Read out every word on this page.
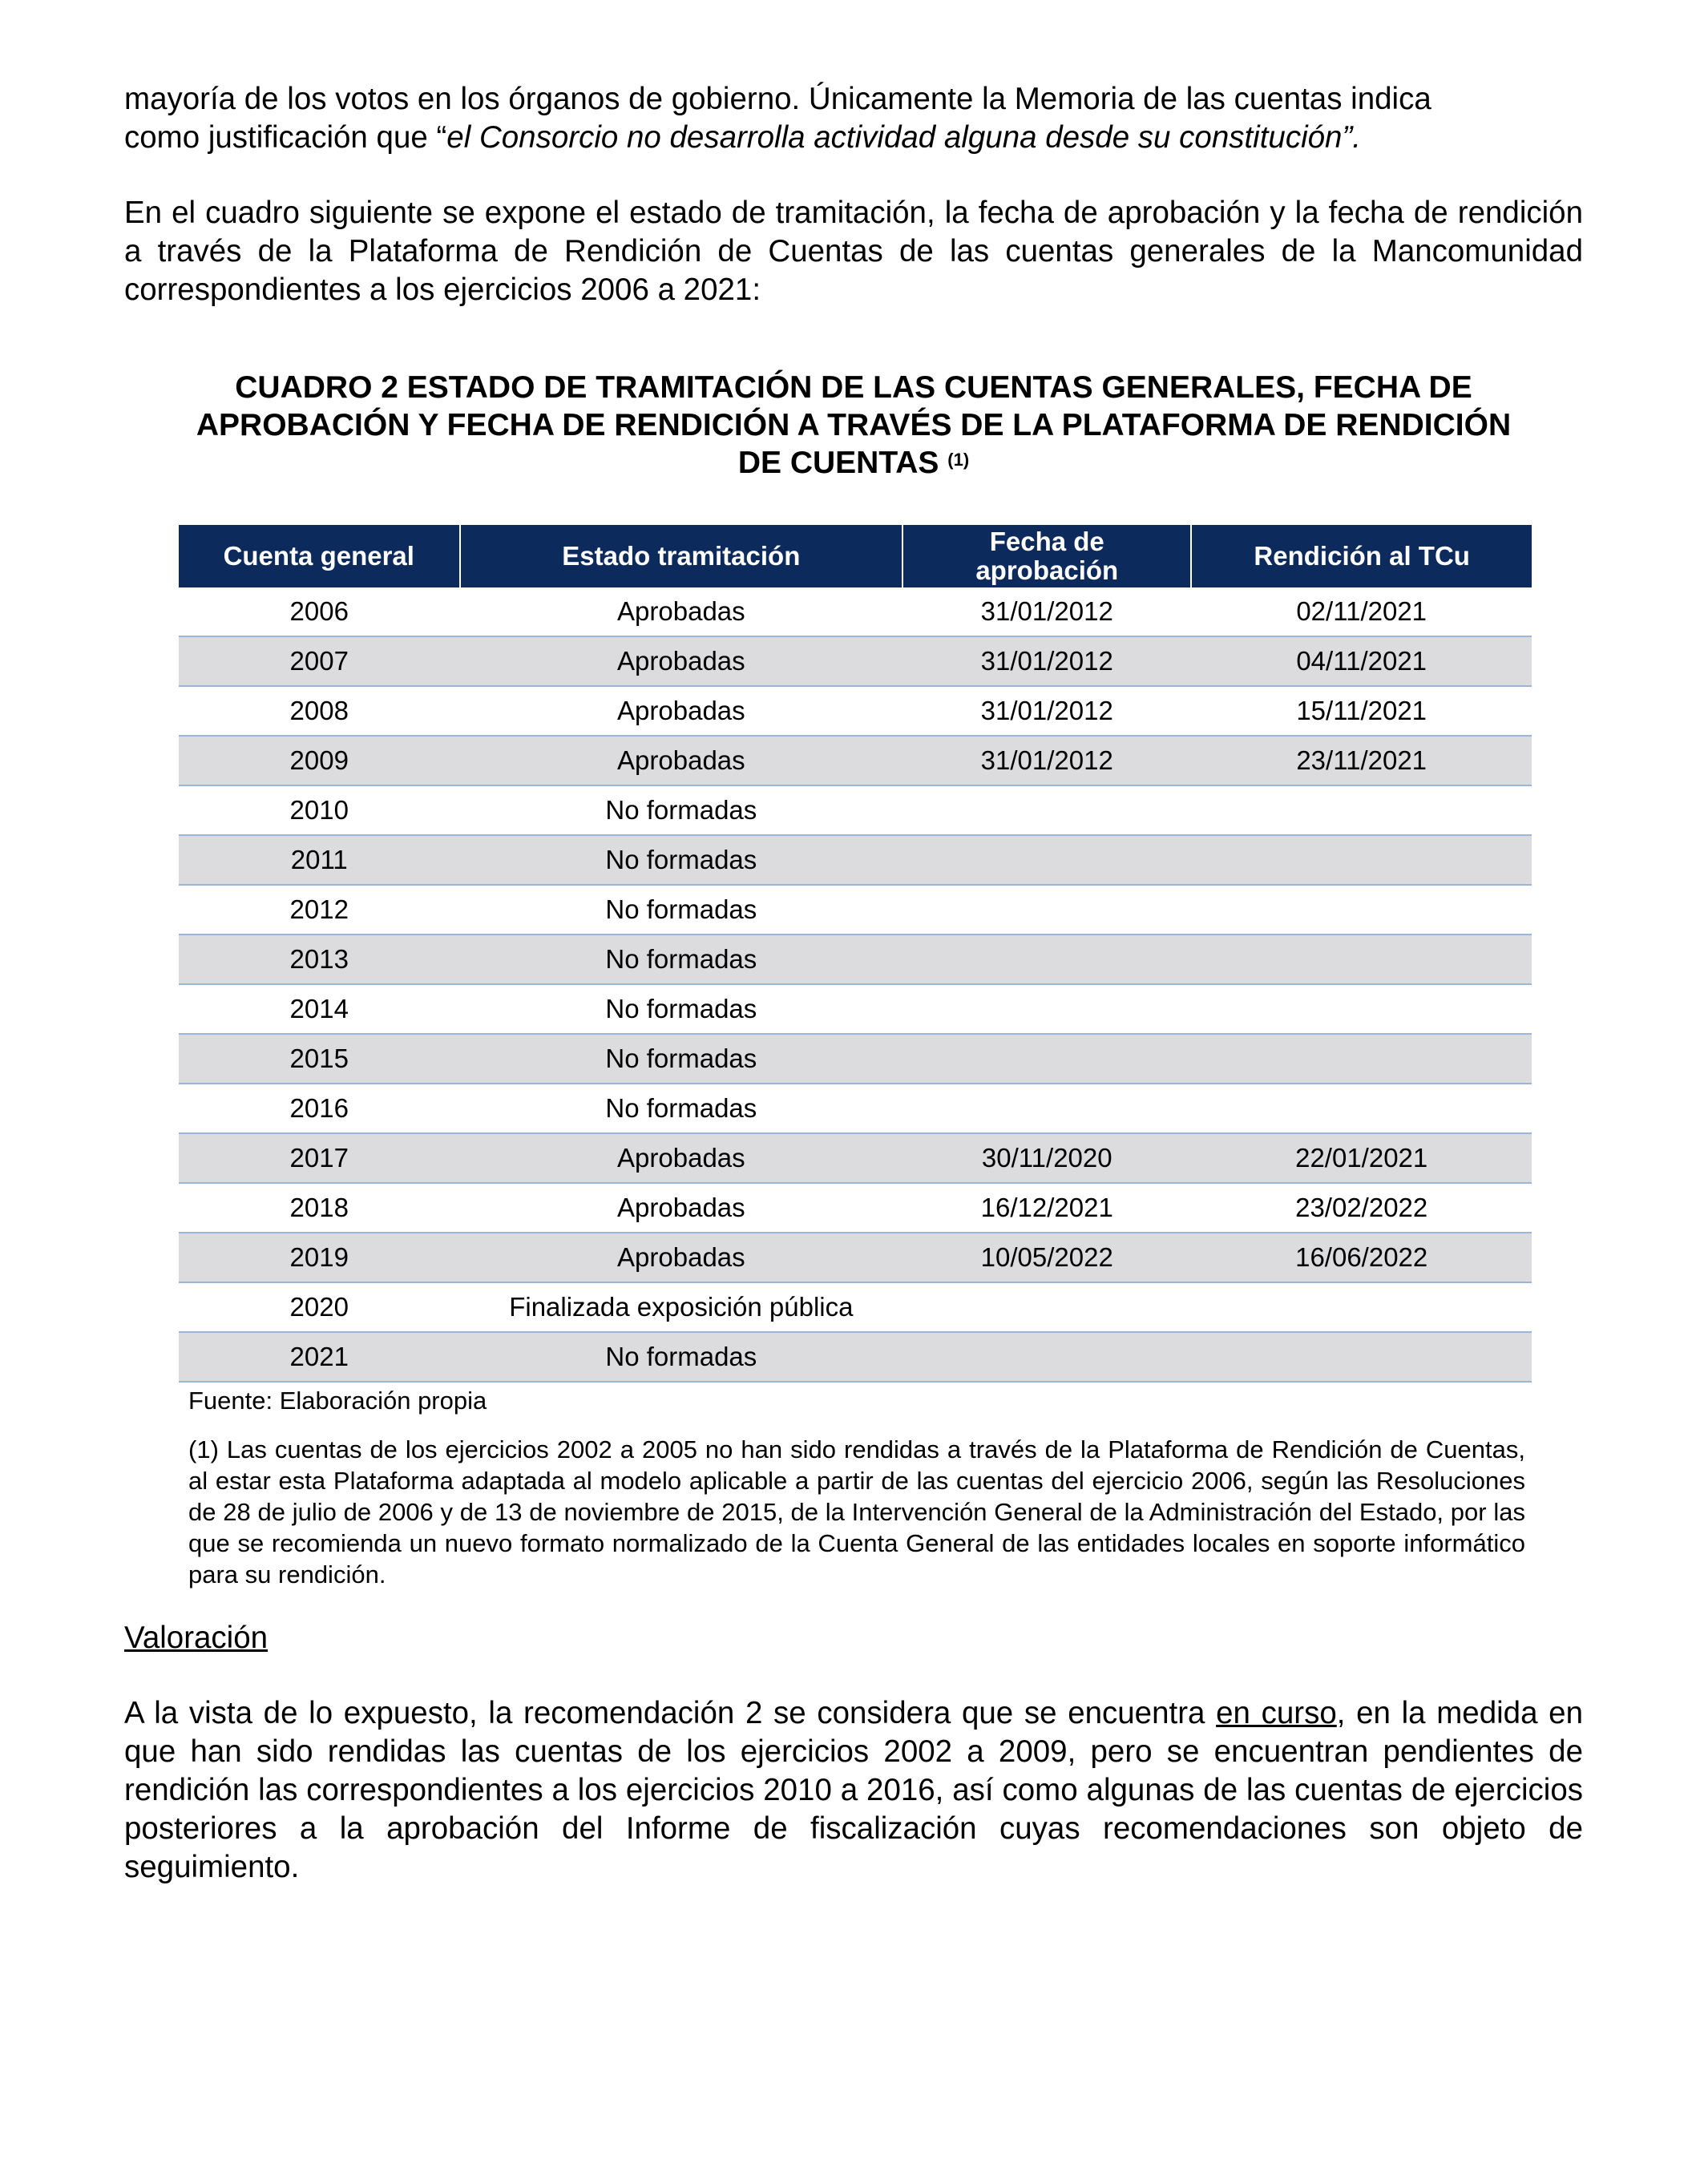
mayoría de los votos en los órganos de gobierno. Únicamente la Memoria de las cuentas indica
como justificación que “el Consorcio no desarrolla actividad alguna desde su constitución”.

En el cuadro siguiente se expone el estado de tramitación, la fecha de aprobación y la fecha de rendición a través de la Plataforma de Rendición de Cuentas de las cuentas generales de la Mancomunidad correspondientes a los ejercicios 2006 a 2021:

CUADRO 2 ESTADO DE TRAMITACIÓN DE LAS CUENTAS GENERALES, FECHA DE
APROBACIÓN Y FECHA DE RENDICIÓN A TRAVÉS DE LA PLATAFORMA DE RENDICIÓN
DE CUENTAS $^{(1)}$
Cuenta general	Estado tramitación	Fecha de aprobación	Rendición al TCu
2006	Aprobadas	31/01/2012	02/11/2021
2007	Aprobadas	31/01/2012	04/11/2021
2008	Aprobadas	31/01/2012	15/11/2021
2009	Aprobadas	31/01/2012	23/11/2021
2010	No formadas		
2011	No formadas		
2012	No formadas		
2013	No formadas		
2014	No formadas		
2015	No formadas		
2016	No formadas		
2017	Aprobadas	30/11/2020	22/01/2021
2018	Aprobadas	16/12/2021	23/02/2022
2019	Aprobadas	10/05/2022	16/06/2022
2020	Finalizada exposición pública		
2021	No formadas		
Fuente: Elaboración propia
(1) Las cuentas de los ejercicios 2002 a 2005 no han sido rendidas a través de la Plataforma de Rendición de Cuentas, al estar esta Plataforma adaptada al modelo aplicable a partir de las cuentas del ejercicio 2006, según las Resoluciones de 28 de julio de 2006 y de 13 de noviembre de 2015, de la Intervención General de la Administración del Estado, por las que se recomienda un nuevo formato normalizado de la Cuenta General de las entidades locales en soporte informático para su rendición.
Valoración

A la vista de lo expuesto, la recomendación 2 se considera que se encuentra en curso, en la medida en que han sido rendidas las cuentas de los ejercicios 2002 a 2009, pero se encuentran pendientes de rendición las correspondientes a los ejercicios 2010 a 2016, así como algunas de las cuentas de ejercicios posteriores a la aprobación del Informe de fiscalización cuyas recomendaciones son objeto de seguimiento.
